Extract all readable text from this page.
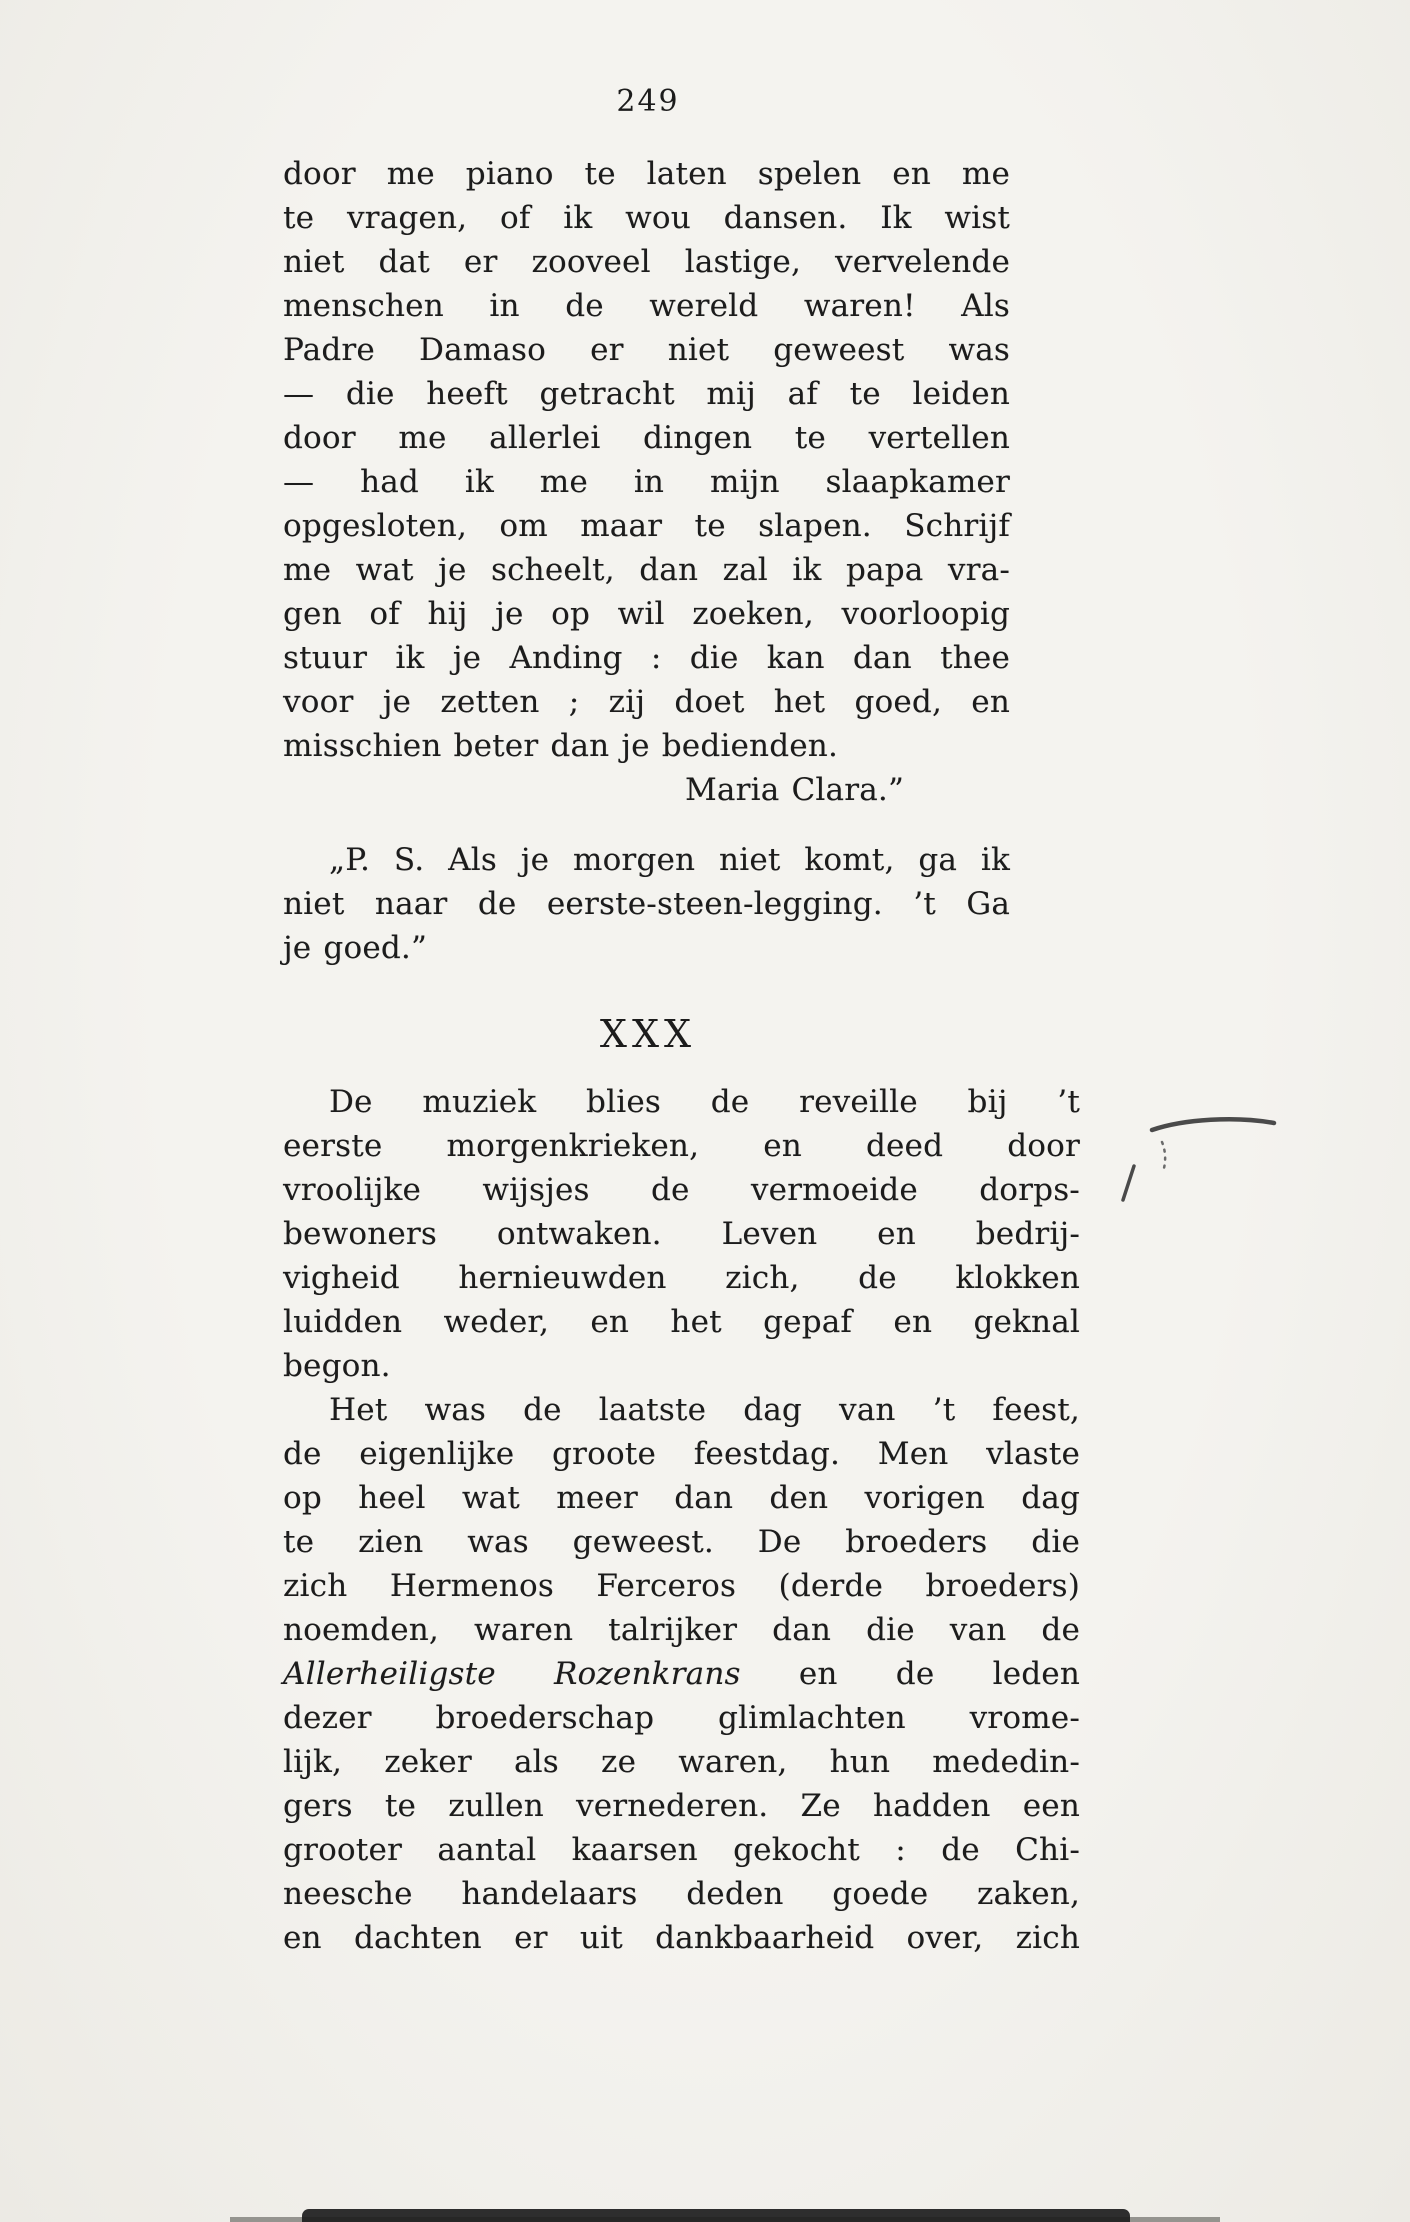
249
door me piano te laten spelen en me
te vragen, of ik wou dansen. Ik wist
niet dat er zooveel lastige, vervelende
menschen in de wereld waren! Als
Padre Damaso er niet geweest was
— die heeft getracht mij af te leiden
door me allerlei dingen te vertellen
— had ik me in mijn slaapkamer
opgesloten, om maar te slapen. Schrijf
me wat je scheelt, dan zal ik papa vra-
gen of hij je op wil zoeken, voorloopig
stuur ik je Anding : die kan dan thee
voor je zetten ; zij doet het goed, en
misschien beter dan je bedienden.
Maria Clara.”
„P. S. Als je morgen niet komt, ga ik
niet naar de eerste-steen-legging. ’t Ga
je goed.”
XXX
De muziek blies de reveille bij ’t
eerste morgenkrieken, en deed door
vroolijke wijsjes de vermoeide dorps-
bewoners ontwaken. Leven en bedrij-
vigheid hernieuwden zich, de klokken
luidden weder, en het gepaf en geknal
begon.
Het was de laatste dag van ’t feest,
de eigenlijke groote feestdag. Men vlaste
op heel wat meer dan den vorigen dag
te zien was geweest. De broeders die
zich Hermenos Ferceros (derde broeders)
noemden, waren talrijker dan die van de
Allerheiligste Rozenkrans en de leden
dezer broederschap glimlachten vrome-
lijk, zeker als ze waren, hun mededin-
gers te zullen vernederen. Ze hadden een
grooter aantal kaarsen gekocht : de Chi-
neesche handelaars deden goede zaken,
en dachten er uit dankbaarheid over, zich
